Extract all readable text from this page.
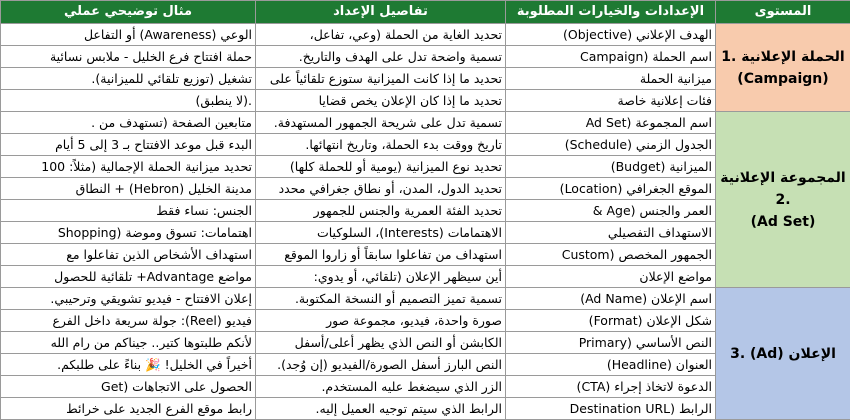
مثال توضيحي عملي	تفاصيل الإعداد	الإعدادات والخيارات المطلوبة	المستوى
الوعي (Awareness) أو التفاعل	تحديد الغاية من الحملة (وعي، تفاعل،	الهدف الإعلاني (Objective)	الحملة الإعلانية .1
(Campaign)

حملة افتتاح فرع الخليل - ملابس نسائية	تسمية واضحة تدل على الهدف والتاريخ.	اسم الحملة (Campaign	
تشغيل (توزيع تلقائي للميزانية).	تحديد ما إذا كانت الميزانية ستوزع تلقائياً على	ميزانية الحملة	
.(لا ينطبق)	تحديد ما إذا كان الإعلان يخص قضايا	فئات إعلانية خاصة	
متابعين الصفحة (تستهدف من .	تسمية تدل على شريحة الجمهور المستهدفة.	اسم المجموعة (Ad Set	المجموعة الإعلانية .2
(Ad Set)

البدء قبل موعد الافتتاح بـ 3 إلى 5 أيام	تاريخ ووقت بدء الحملة، وتاريخ انتهائها.	الجدول الزمني (Schedule)	
تحديد ميزانية الحملة الإجمالية (مثلاً: 100	تحديد نوع الميزانية (يومية أو للحملة كلها)	الميزانية (Budget)	
مدينة الخليل (Hebron) + النطاق	تحديد الدول، المدن، أو نطاق جغرافي محدد	الموقع الجغرافي (Location)	
الجنس: نساء فقط	تحديد الفئة العمرية والجنس للجمهور	العمر والجنس (Age &	
اهتمامات: تسوق وموضة (Shopping	الاهتمامات (Interests)، السلوكيات	الاستهداف التفصيلي	
استهداف الأشخاص الذين تفاعلوا مع	استهداف من تفاعلوا سابقاً أو زاروا الموقع	الجمهور المخصص (Custom	
مواضع Advantage+ تلقائية للحصول	أين سيظهر الإعلان (تلقائي، أو يدوي:	مواضع الإعلان	
إعلان الافتتاح - فيديو تشويقي وترحيبي.	تسمية تميز التصميم أو النسخة المكتوبة.	اسم الإعلان (Ad Name)	الإعلان (Ad) .3

فيديو (Reel): جولة سريعة داخل الفرع	صورة واحدة، فيديو، مجموعة صور	شكل الإعلان (Format)	
لأنكم طلبتوها كتير.. جيناكم من رام الله	الكابشن أو النص الذي يظهر أعلى/أسفل	النص الأساسي (Primary	
أخيراً في الخليل! 🎉 بناءً على طلبكم.	النص البارز أسفل الصورة/الفيديو (إن وُجد).	العنوان (Headline)	
الحصول على الاتجاهات (Get	الزر الذي سيضغط عليه المستخدم.	الدعوة لاتخاذ إجراء (CTA)	
رابط موقع الفرع الجديد على خرائط	الرابط الذي سيتم توجيه العميل إليه.	الرابط (Destination URL	
